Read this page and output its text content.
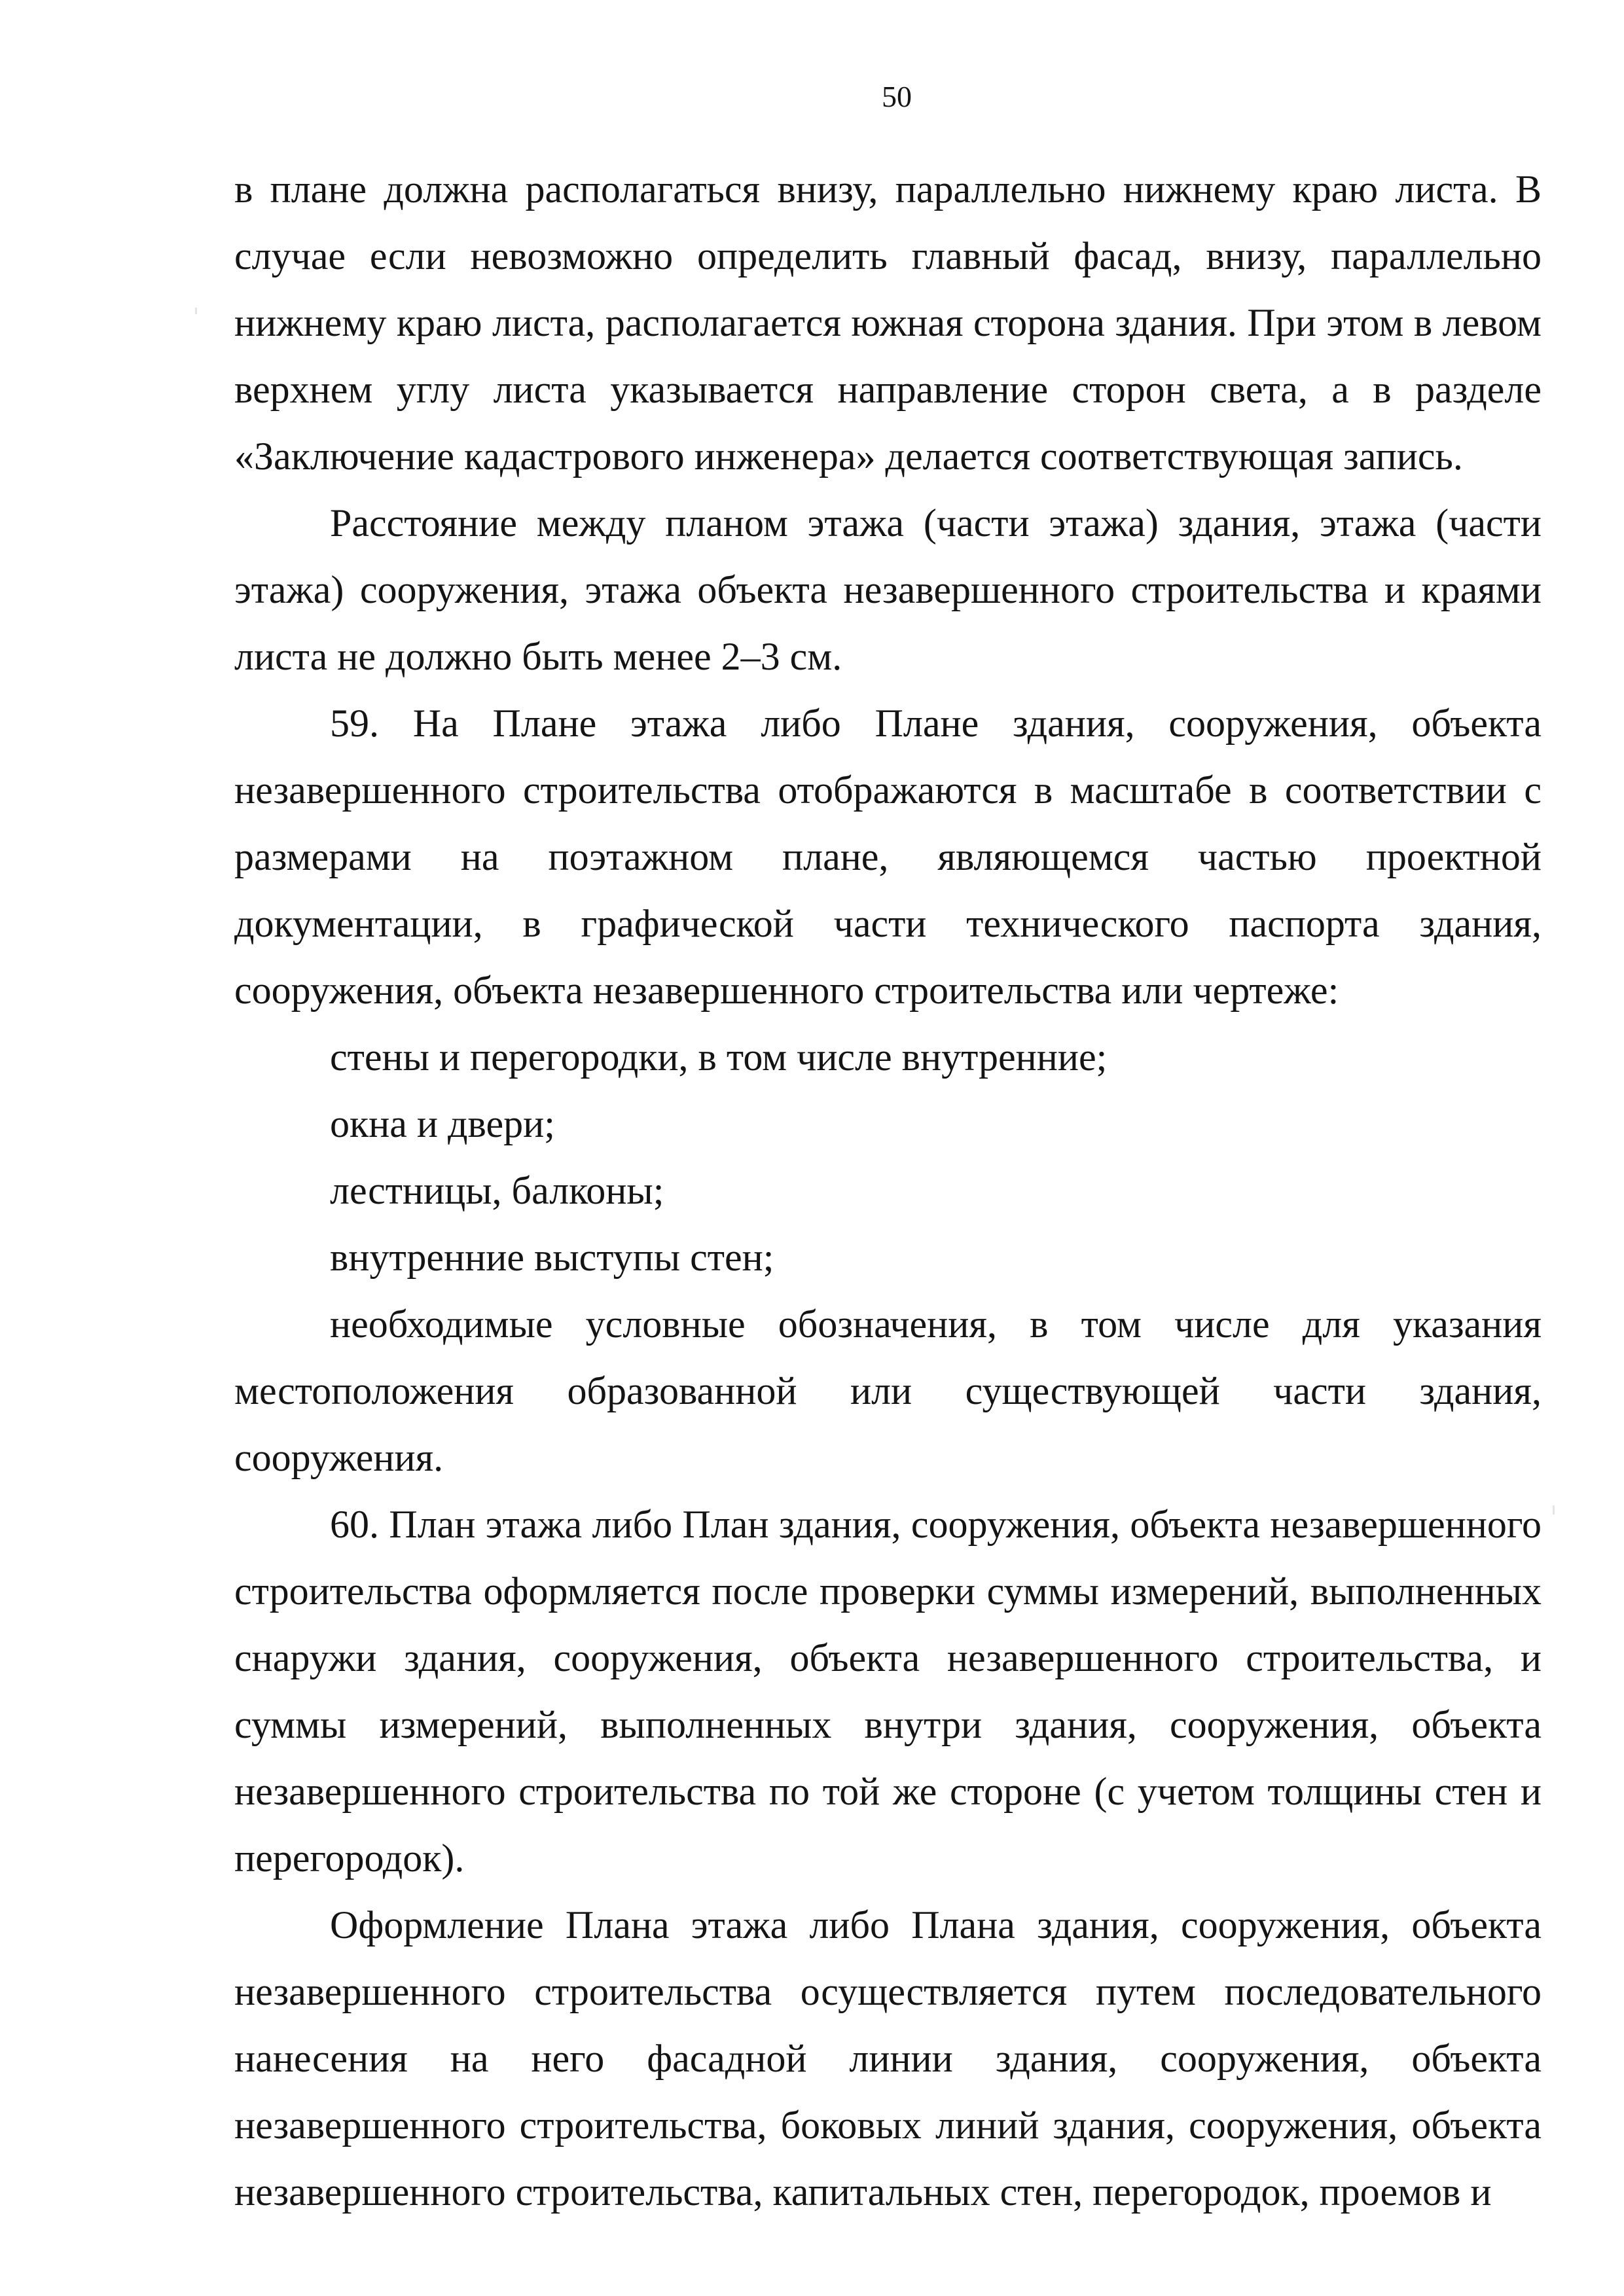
50

в плане должна располагаться внизу, параллельно нижнему краю листа. В случае если невозможно определить главный фасад, внизу, параллельно нижнему краю листа, располагается южная сторона здания. При этом в левом верхнем углу листа указывается направление сторон света, а в разделе «Заключение кадастрового инженера» делается соответствующая запись.

Расстояние между планом этажа (части этажа) здания, этажа (части этажа) сооружения, этажа объекта незавершенного строительства и краями листа не должно быть менее 2–3 см.

59. На Плане этажа либо Плане здания, сооружения, объекта незавершенного строительства отображаются в масштабе в соответствии с размерами на поэтажном плане, являющемся частью проектной документации, в графической части технического паспорта здания, сооружения, объекта незавершенного строительства или чертеже:

стены и перегородки, в том числе внутренние;

окна и двери;

лестницы, балконы;

внутренние выступы стен;

необходимые условные обозначения, в том числе для указания местоположения образованной или существующей части здания, сооружения.

60. План этажа либо План здания, сооружения, объекта незавершенного строительства оформляется после проверки суммы измерений, выполненных снаружи здания, сооружения, объекта незавершенного строительства, и суммы измерений, выполненных внутри здания, сооружения, объекта незавершенного строительства по той же стороне (с учетом толщины стен и перегородок).

Оформление Плана этажа либо Плана здания, сооружения, объекта незавершенного строительства осуществляется путем последовательного нанесения на него фасадной линии здания, сооружения, объекта незавершенного строительства, боковых линий здания, сооружения, объекта незавершенного строительства, капитальных стен, перегородок, проемов и
